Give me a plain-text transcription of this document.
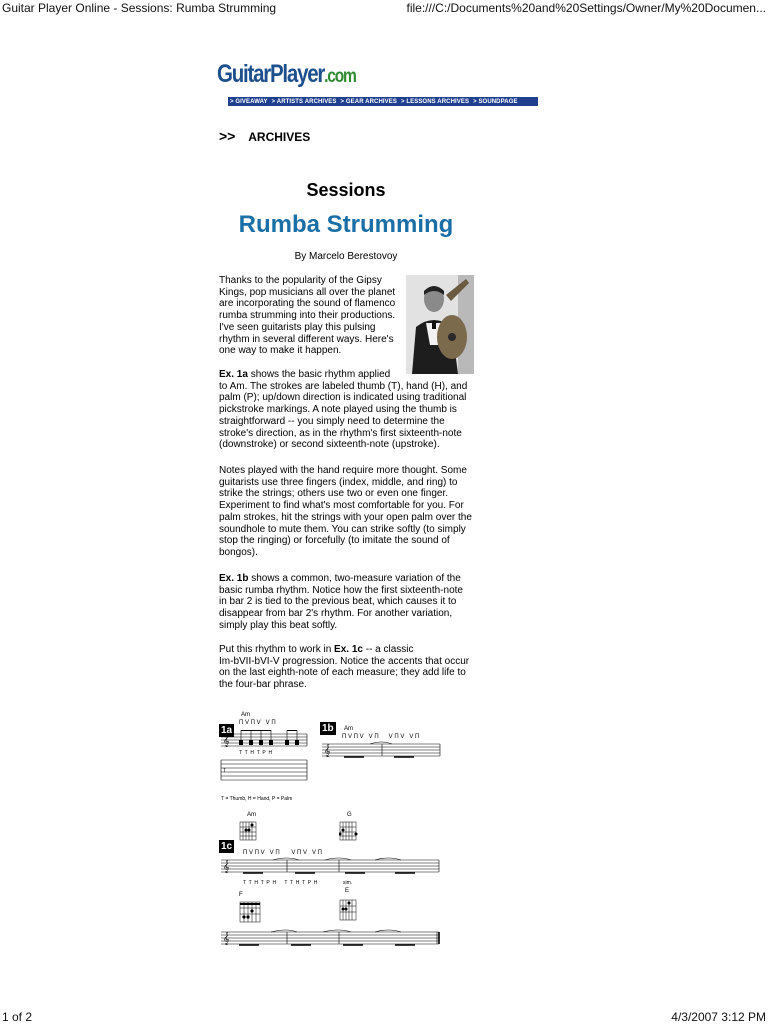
Guitar Player Online - Sessions: Rumba Strumming	file:///C:/Documents%20and%20Settings/Owner/My%20Documen...
GuitarPlayer.com
> GIVEAWAY > ARTISTS ARCHIVES > GEAR ARCHIVES > LESSONS ARCHIVES > SOUNDPAGE
>> ARCHIVES
Sessions
Rumba Strumming
By Marcelo Berestovoy

Thanks to the popularity of the Gipsy
Kings, pop musicians all over the planet
are incorporating the sound of flamenco
rumba strumming into their productions.
I've seen guitarists play this pulsing
rhythm in several different ways. Here's
one way to make it happen.

Ex. 1a shows the basic rhythm applied
to Am. The strokes are labeled thumb (T), hand (H), and
palm (P); up/down direction is indicated using traditional
pickstroke markings. A note played using the thumb is
straightforward -- you simply need to determine the
stroke's direction, as in the rhythm's first sixteenth-note
(downstroke) or second sixteenth-note (upstroke).

Notes played with the hand require more thought. Some
guitarists use three fingers (index, middle, and ring) to
strike the strings; others use two or even one finger.
Experiment to find what's most comfortable for you. For
palm strokes, hit the strings with your open palm over the
soundhole to mute them. You can strike softly (to simply
stop the ringing) or forcefully (to imitate the sound of
bongos).

Ex. 1b shows a common, two-measure variation of the
basic rumba rhythm. Notice how the first sixteenth-note
in bar 2 is tied to the previous beat, which causes it to
disappear from bar 2's rhythm. For another variation,
simply play this beat softly.

Put this rhythm to work in Ex. 1c -- a classic
Im-bVII-bVI-V progression. Notice the accents that occur
on the last eighth-note of each measure; they add life to
the four-bar phrase.

1a
Am
Π V Π V   V Π
𝄞
T
T  T  H  T  P  H
T = Thumb, H = Hand, P = Palm
1b	Am
Π V Π V   V Π      V Π V   V Π
𝄞
Am	G
1c
Π V Π V   V Π       V Π V   V Π
𝄞
T  T  H  T  P  H      T  T  H  T  P  H	sim.
F
E
𝄞
1 of 2	4/3/2007 3:12 PM
